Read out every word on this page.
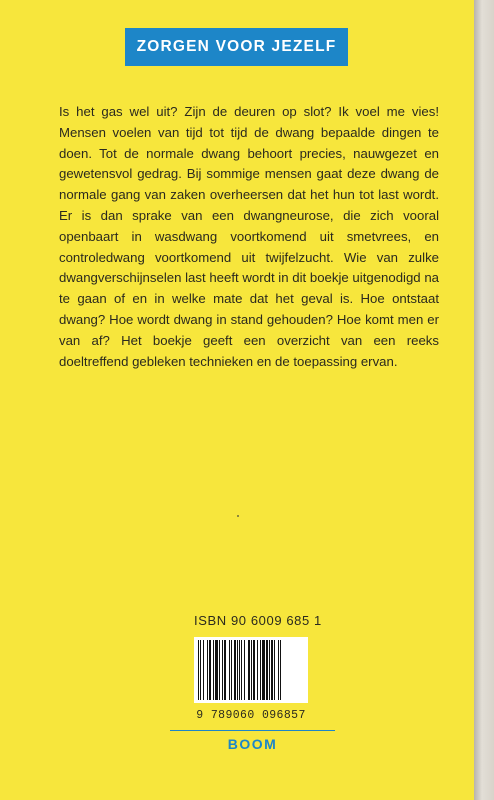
ZORGEN VOOR JEZELF

Is het gas wel uit? Zijn de deuren op slot? Ik voel me vies! Mensen voelen van tijd tot tijd de dwang bepaalde dingen te doen. Tot de normale dwang behoort precies, nauwgezet en gewetensvol gedrag. Bij sommige mensen gaat deze dwang de normale gang van zaken overheersen dat het hun tot last wordt. Er is dan sprake van een dwangneurose, die zich vooral openbaart in wasdwang voortkomend uit smetvrees, en controledwang voortkomend uit twijfelzucht. Wie van zulke dwangverschijnselen last heeft wordt in dit boekje uitgenodigd na te gaan of en in welke mate dat het geval is. Hoe ontstaat dwang? Hoe wordt dwang in stand gehouden? Hoe komt men er van af? Het boekje geeft een overzicht van een reeks doeltreffend gebleken technieken en de toepassing ervan.

ISBN 90 6009 685 1
9 789060 096857
BOOM
